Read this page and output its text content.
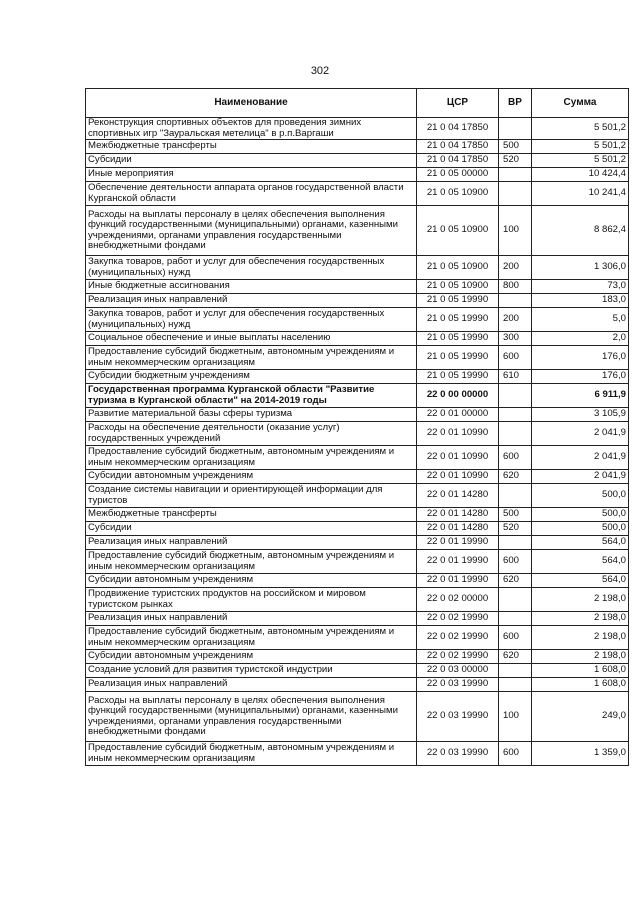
302
Наименование	ЦСР	ВР	Сумма
Реконструкция спортивных объектов для проведения зимних спортивных игр "Зауральская метелица" в р.п.Варгаши	21 0 04 17850		5 501,2
Межбюджетные трансферты	21 0 04 17850	500	5 501,2
Субсидии	21 0 04 17850	520	5 501,2
Иные мероприятия	21 0 05 00000		10 424,4
Обеспечение деятельности аппарата органов государственной власти Курганской области	21 0 05 10900		10 241,4
Расходы на выплаты персоналу в целях обеспечения выполнения функций государственными (муниципальными) органами, казенными учреждениями, органами управления государственными внебюджетными фондами	21 0 05 10900	100	8 862,4
Закупка товаров, работ и услуг для обеспечения государственных (муниципальных) нужд	21 0 05 10900	200	1 306,0
Иные бюджетные ассигнования	21 0 05 10900	800	73,0
Реализация иных направлений	21 0 05 19990		183,0
Закупка товаров, работ и услуг для обеспечения государственных (муниципальных) нужд	21 0 05 19990	200	5,0
Социальное обеспечение и иные выплаты населению	21 0 05 19990	300	2,0
Предоставление субсидий бюджетным, автономным учреждениям и иным некоммерческим организациям	21 0 05 19990	600	176,0
Субсидии бюджетным учреждениям	21 0 05 19990	610	176,0
Государственная программа Курганской области "Развитие туризма в Курганской области" на 2014-2019 годы	22 0 00 00000		6 911,9
Развитие материальной базы сферы туризма	22 0 01 00000		3 105,9
Расходы на обеспечение деятельности (оказание услуг) государственных учреждений	22 0 01 10990		2 041,9
Предоставление субсидий бюджетным, автономным учреждениям и иным некоммерческим организациям	22 0 01 10990	600	2 041,9
Субсидии автономным учреждениям	22 0 01 10990	620	2 041,9
Создание системы навигации и ориентирующей информации для туристов	22 0 01 14280		500,0
Межбюджетные трансферты	22 0 01 14280	500	500,0
Субсидии	22 0 01 14280	520	500,0
Реализация иных направлений	22 0 01 19990		564,0
Предоставление субсидий бюджетным, автономным учреждениям и иным некоммерческим организациям	22 0 01 19990	600	564,0
Субсидии автономным учреждениям	22 0 01 19990	620	564,0
Продвижение туристских продуктов на российском и мировом туристском рынках	22 0 02 00000		2 198,0
Реализация иных направлений	22 0 02 19990		2 198,0
Предоставление субсидий бюджетным, автономным учреждениям и иным некоммерческим организациям	22 0 02 19990	600	2 198,0
Субсидии автономным учреждениям	22 0 02 19990	620	2 198,0
Создание условий для развития туристской индустрии	22 0 03 00000		1 608,0
Реализация иных направлений	22 0 03 19990		1 608,0
Расходы на выплаты персоналу в целях обеспечения выполнения функций государственными (муниципальными) органами, казенными учреждениями, органами управления государственными внебюджетными фондами	22 0 03 19990	100	249,0
Предоставление субсидий бюджетным, автономным учреждениям и иным некоммерческим организациям	22 0 03 19990	600	1 359,0
